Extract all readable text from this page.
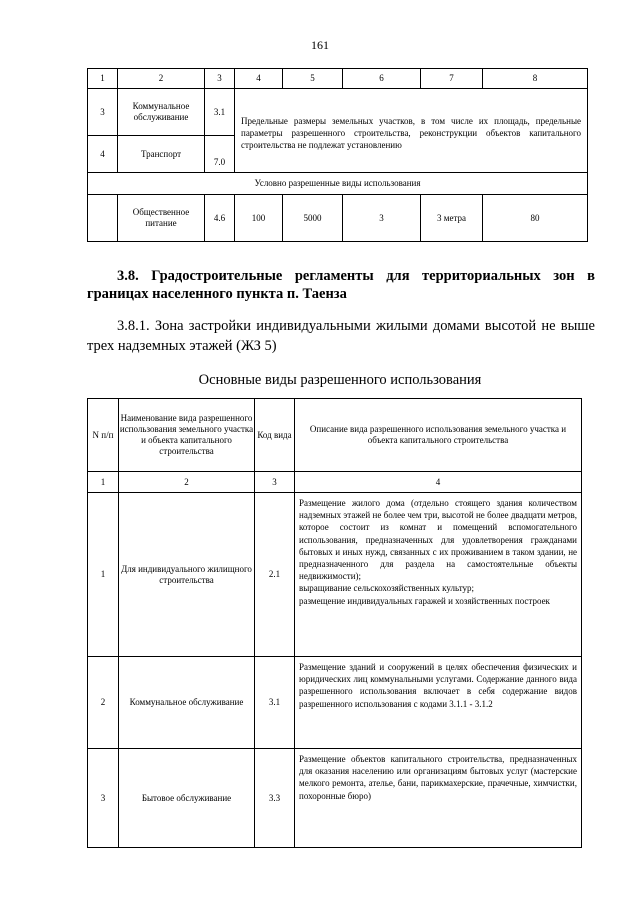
161
1	2	3	4	5	6	7	8
3	Коммунальное обслуживание	3.1	Предельные размеры земельных участков, в том числе их площадь, предельные параметры разрешенного строительства, реконструкции объектов капитального строительства не подлежат установлению				
4	Транспорт	7.0					
Условно разрешенные виды использования							
	Общественное питание	4.6	100	5000	3	3 метра	80
3.8. Градостроительные регламенты для территориальных зон в границах населенного пункта п. Таенза
3.8.1. Зона застройки индивидуальными жилыми домами высотой не выше трех надземных этажей (ЖЗ 5)
Основные виды разрешенного использования
N п/п	Наименование вида разрешенного использования земельного участка и объекта капитального строительства	Код вида	Описание вида разрешенного использования земельного участка и объекта капитального строительства
1	2	3	4
1	Для индивидуального жилищного строительства	2.1	Размещение жилого дома (отдельно стоящего здания количеством надземных этажей не более чем три, высотой не более двадцати метров, которое состоит из комнат и помещений вспомогательного использования, предназначенных для удовлетворения гражданами бытовых и иных нужд, связанных с их проживанием в таком здании, не предназначенного для раздела на самостоятельные объекты недвижимости);
выращивание сельскохозяйственных культур;
размещение индивидуальных гаражей и хозяйственных построек
2	Коммунальное обслуживание	3.1	Размещение зданий и сооружений в целях обеспечения физических и юридических лиц коммунальными услугами. Содержание данного вида разрешенного использования включает в себя содержание видов разрешенного использования с кодами 3.1.1 - 3.1.2
3	Бытовое обслуживание	3.3	Размещение объектов капитального строительства, предназначенных для оказания населению или организациям бытовых услуг (мастерские мелкого ремонта, ателье, бани, парикмахерские, прачечные, химчистки, похоронные бюро)
